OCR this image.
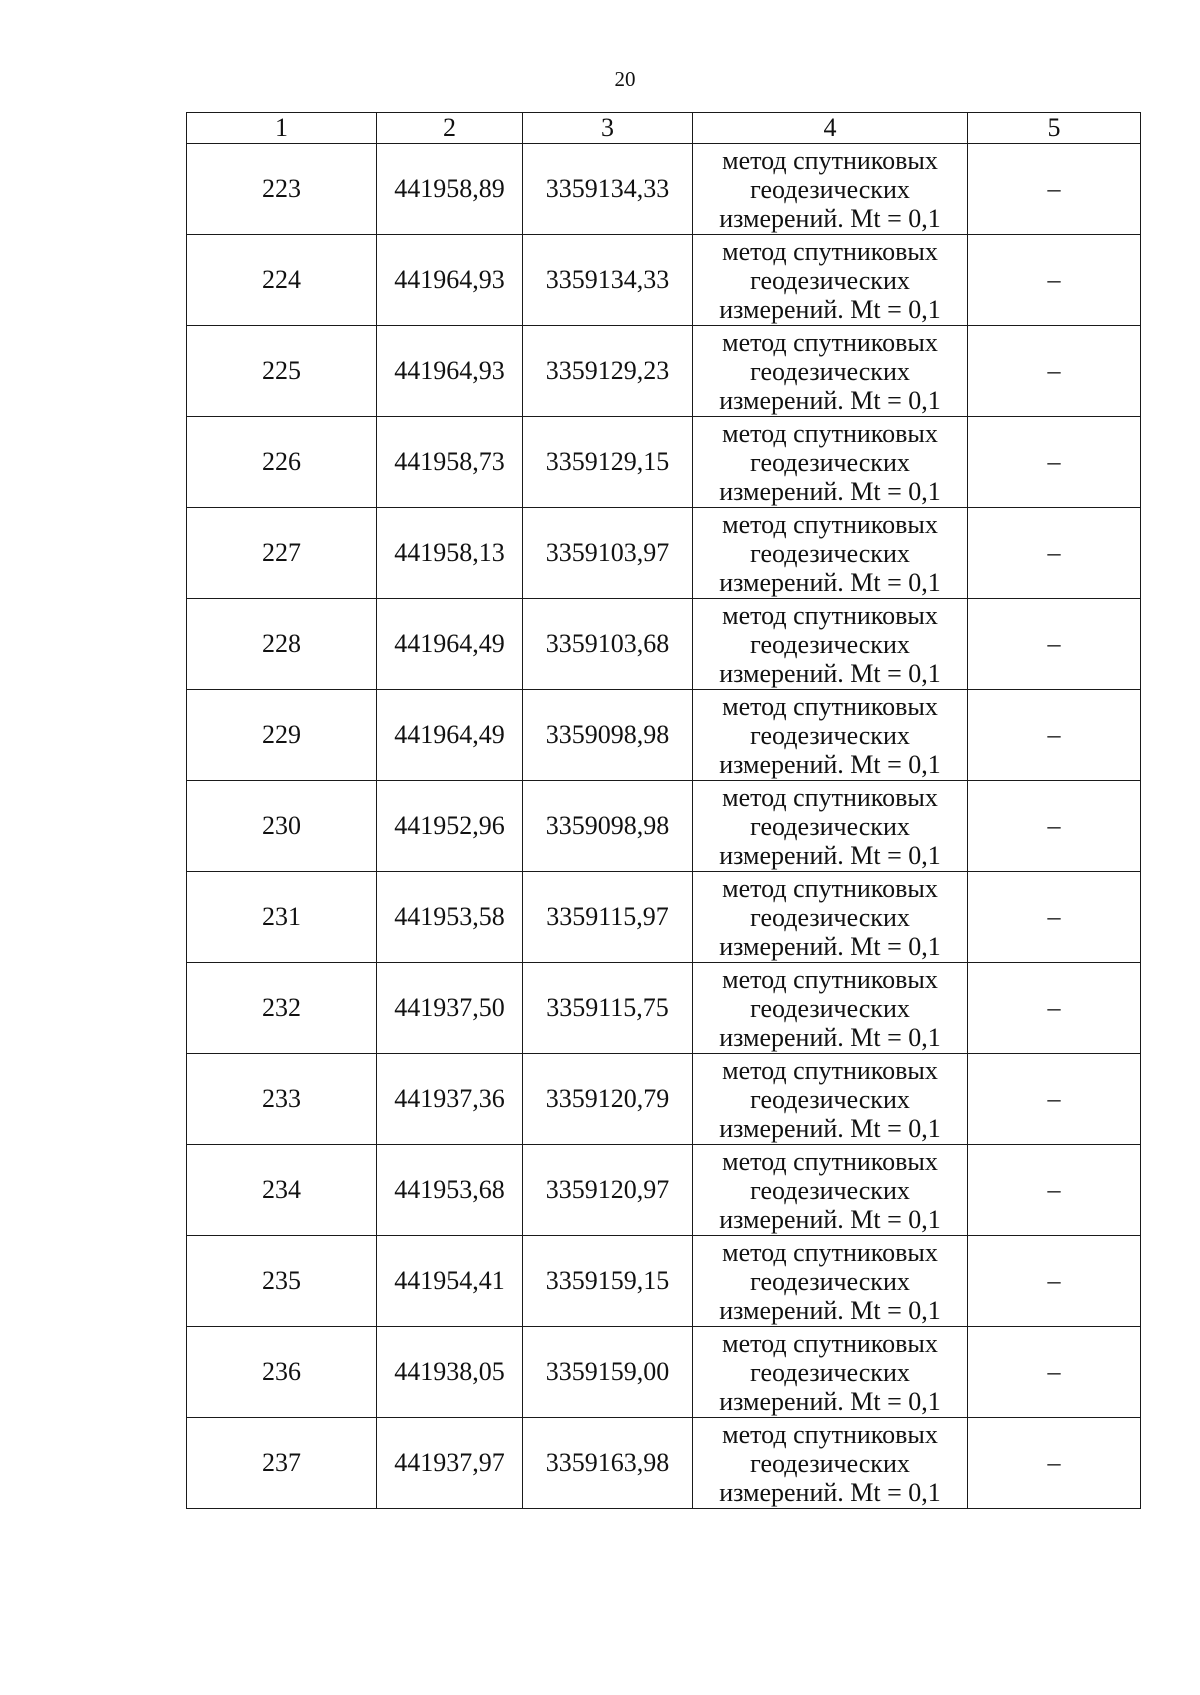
20
1	2	3	4	5
223	441958,89	3359134,33	метод спутниковых
геодезических
измерений. Mt = 0,1	–
224	441964,93	3359134,33	метод спутниковых
геодезических
измерений. Mt = 0,1	–
225	441964,93	3359129,23	метод спутниковых
геодезических
измерений. Mt = 0,1	–
226	441958,73	3359129,15	метод спутниковых
геодезических
измерений. Mt = 0,1	–
227	441958,13	3359103,97	метод спутниковых
геодезических
измерений. Mt = 0,1	–
228	441964,49	3359103,68	метод спутниковых
геодезических
измерений. Mt = 0,1	–
229	441964,49	3359098,98	метод спутниковых
геодезических
измерений. Mt = 0,1	–
230	441952,96	3359098,98	метод спутниковых
геодезических
измерений. Mt = 0,1	–
231	441953,58	3359115,97	метод спутниковых
геодезических
измерений. Mt = 0,1	–
232	441937,50	3359115,75	метод спутниковых
геодезических
измерений. Mt = 0,1	–
233	441937,36	3359120,79	метод спутниковых
геодезических
измерений. Mt = 0,1	–
234	441953,68	3359120,97	метод спутниковых
геодезических
измерений. Mt = 0,1	–
235	441954,41	3359159,15	метод спутниковых
геодезических
измерений. Mt = 0,1	–
236	441938,05	3359159,00	метод спутниковых
геодезических
измерений. Mt = 0,1	–
237	441937,97	3359163,98	метод спутниковых
геодезических
измерений. Mt = 0,1	–
